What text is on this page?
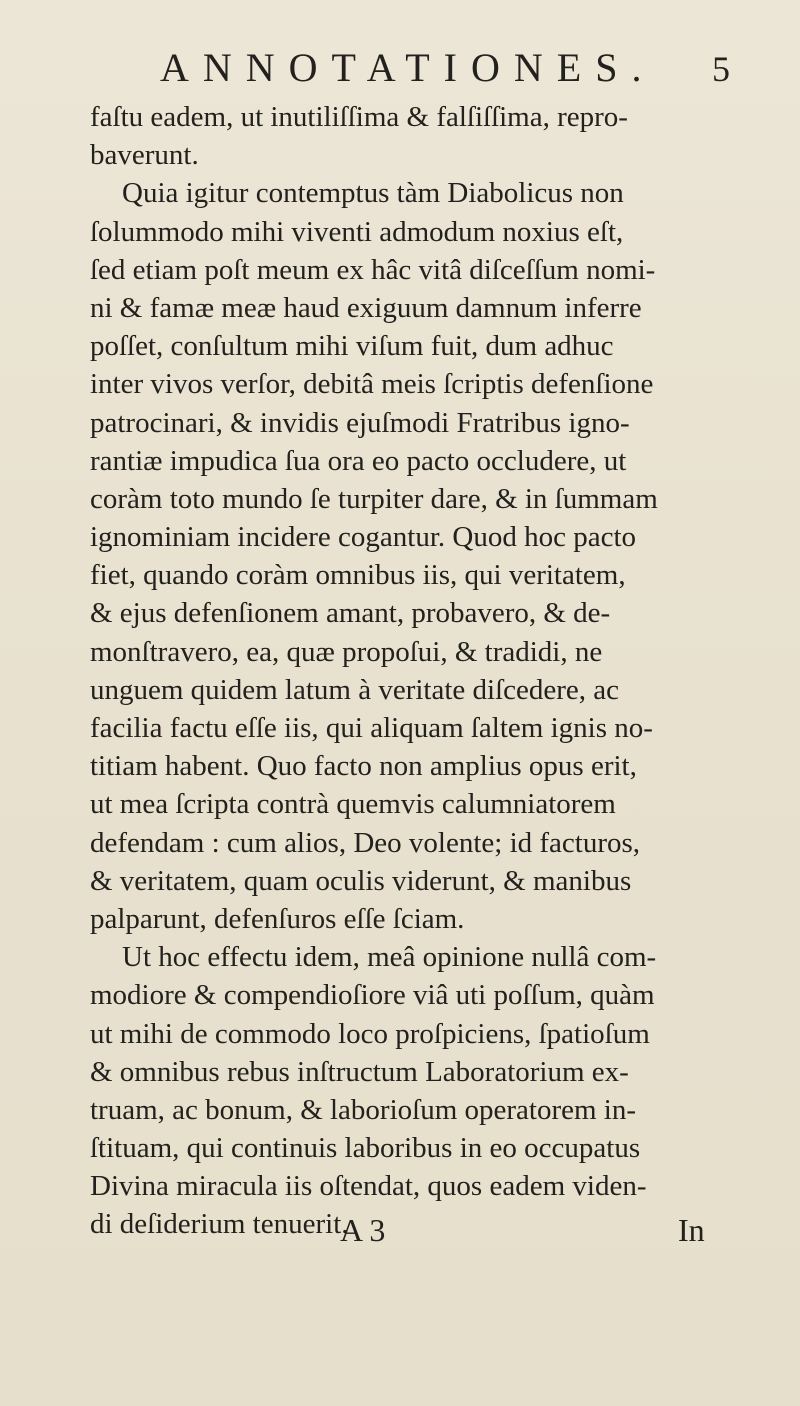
ANNOTATIONES. 5
faſtu eadem, ut inutiliſſima & falſiſſima, repro-
baverunt.
Quia igitur contemptus tàm Diabolicus non
ſolummodo mihi viventi admodum noxius eſt,
ſed etiam poſt meum ex hâc vitâ diſceſſum nomi-
ni & famæ meæ haud exiguum damnum inferre
poſſet, conſultum mihi viſum fuit, dum adhuc
inter vivos verſor, debitâ meis ſcriptis defenſione
patrocinari, & invidis ejuſmodi Fratribus igno-
rantiæ impudica ſua ora eo pacto occludere, ut
coràm toto mundo ſe turpiter dare, & in ſummam
ignominiam incidere cogantur. Quod hoc pacto
fiet, quando coràm omnibus iis, qui veritatem,
& ejus defenſionem amant, probavero, & de-
monſtravero, ea, quæ propoſui, & tradidi, ne
unguem quidem latum à veritate diſcedere, ac
facilia factu eſſe iis, qui aliquam ſaltem ignis no-
titiam habent. Quo facto non amplius opus erit,
ut mea ſcripta contrà quemvis calumniatorem
defendam : cum alios, Deo volente; id facturos,
& veritatem, quam oculis viderunt, & manibus
palparunt, defenſuros eſſe ſciam.
Ut hoc effectu idem, meâ opinione nullâ com-
modiore & compendioſiore viâ uti poſſum, quàm
ut mihi de commodo loco proſpiciens, ſpatioſum
& omnibus rebus inſtructum Laboratorium ex-
truam, ac bonum, & laborioſum operatorem in-
ſtituam, qui continuis laboribus in eo occupatus
Divina miracula iis oſtendat, quos eadem viden-
di deſiderium tenuerit.
A 3	In
